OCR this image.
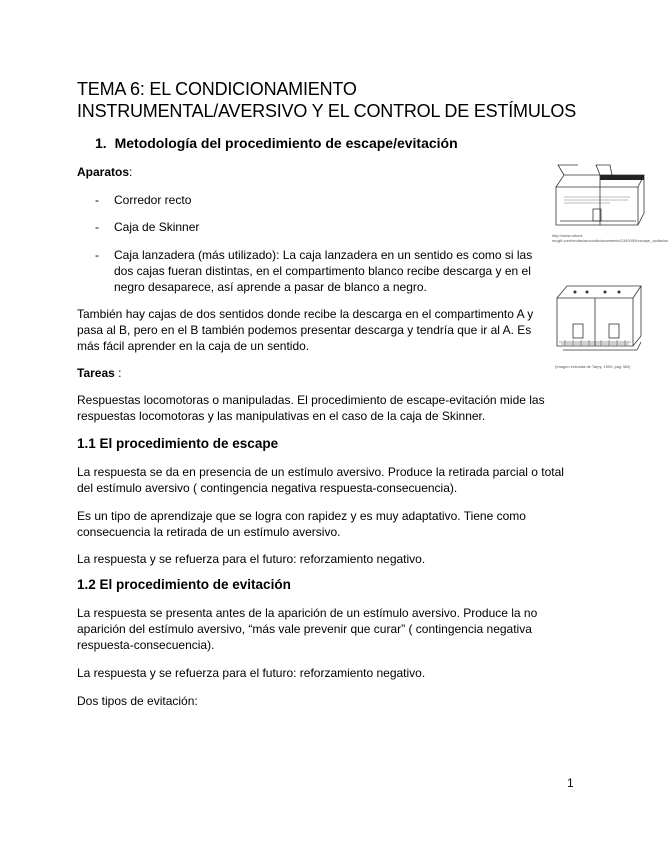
TEMA 6: EL CONDICIONAMIENTO
INSTRUMENTAL/AVERSIVO Y EL CONTROL DE ESTÍMULOS
1. Metodología del procedimiento de escape/evitación
Aparatos:
- Corredor recto
- Caja de Skinner
- Caja lanzadera (más utilizado): La caja lanzadera en un sentido es como si las dos cajas fueran distintas, en el compartimento blanco recibe descarga y en el negro desaparece, así aprende a pasar de blanco a negro.
También hay cajas de dos sentidos donde recibe la descarga en el compartimento A y pasa al B, pero en el B también podemos presentar descarga y tendría que ir al A. Es más fácil aprender en la caja de un sentido.
Tareas :
Respuestas locomotoras o manipuladas. El procedimiento de escape-evitación mide las respuestas locomotoras y las manipulativas en el caso de la caja de Skinner.
1.1 El procedimiento de escape
La respuesta se da en presencia de un estímulo aversivo. Produce la retirada parcial o total del estímulo aversivo ( contingencia negativa respuesta-consecuencia).
Es un tipo de aprendizaje que se logra con rapidez y es muy adaptativo. Tiene como consecuencia la retirada de un estímulo aversivo.
La respuesta y se refuerza para el futuro: reforzamiento negativo.
1.2 El procedimiento de evitación
La respuesta se presenta antes de la aparición de un estímulo aversivo. Produce la no aparición del estímulo aversivo, “más vale prevenir que curar” ( contingencia negativa respuesta-consecuencia).
La respuesta y se refuerza para el futuro: reforzamiento negativo.
Dos tipos de evitación:
http://www.robert-mcgill.com/ondas/ancondicionamiento/1340093/escape_avitacion
(Imagen extraída de Tarpy, 1990, pág 383)
1
